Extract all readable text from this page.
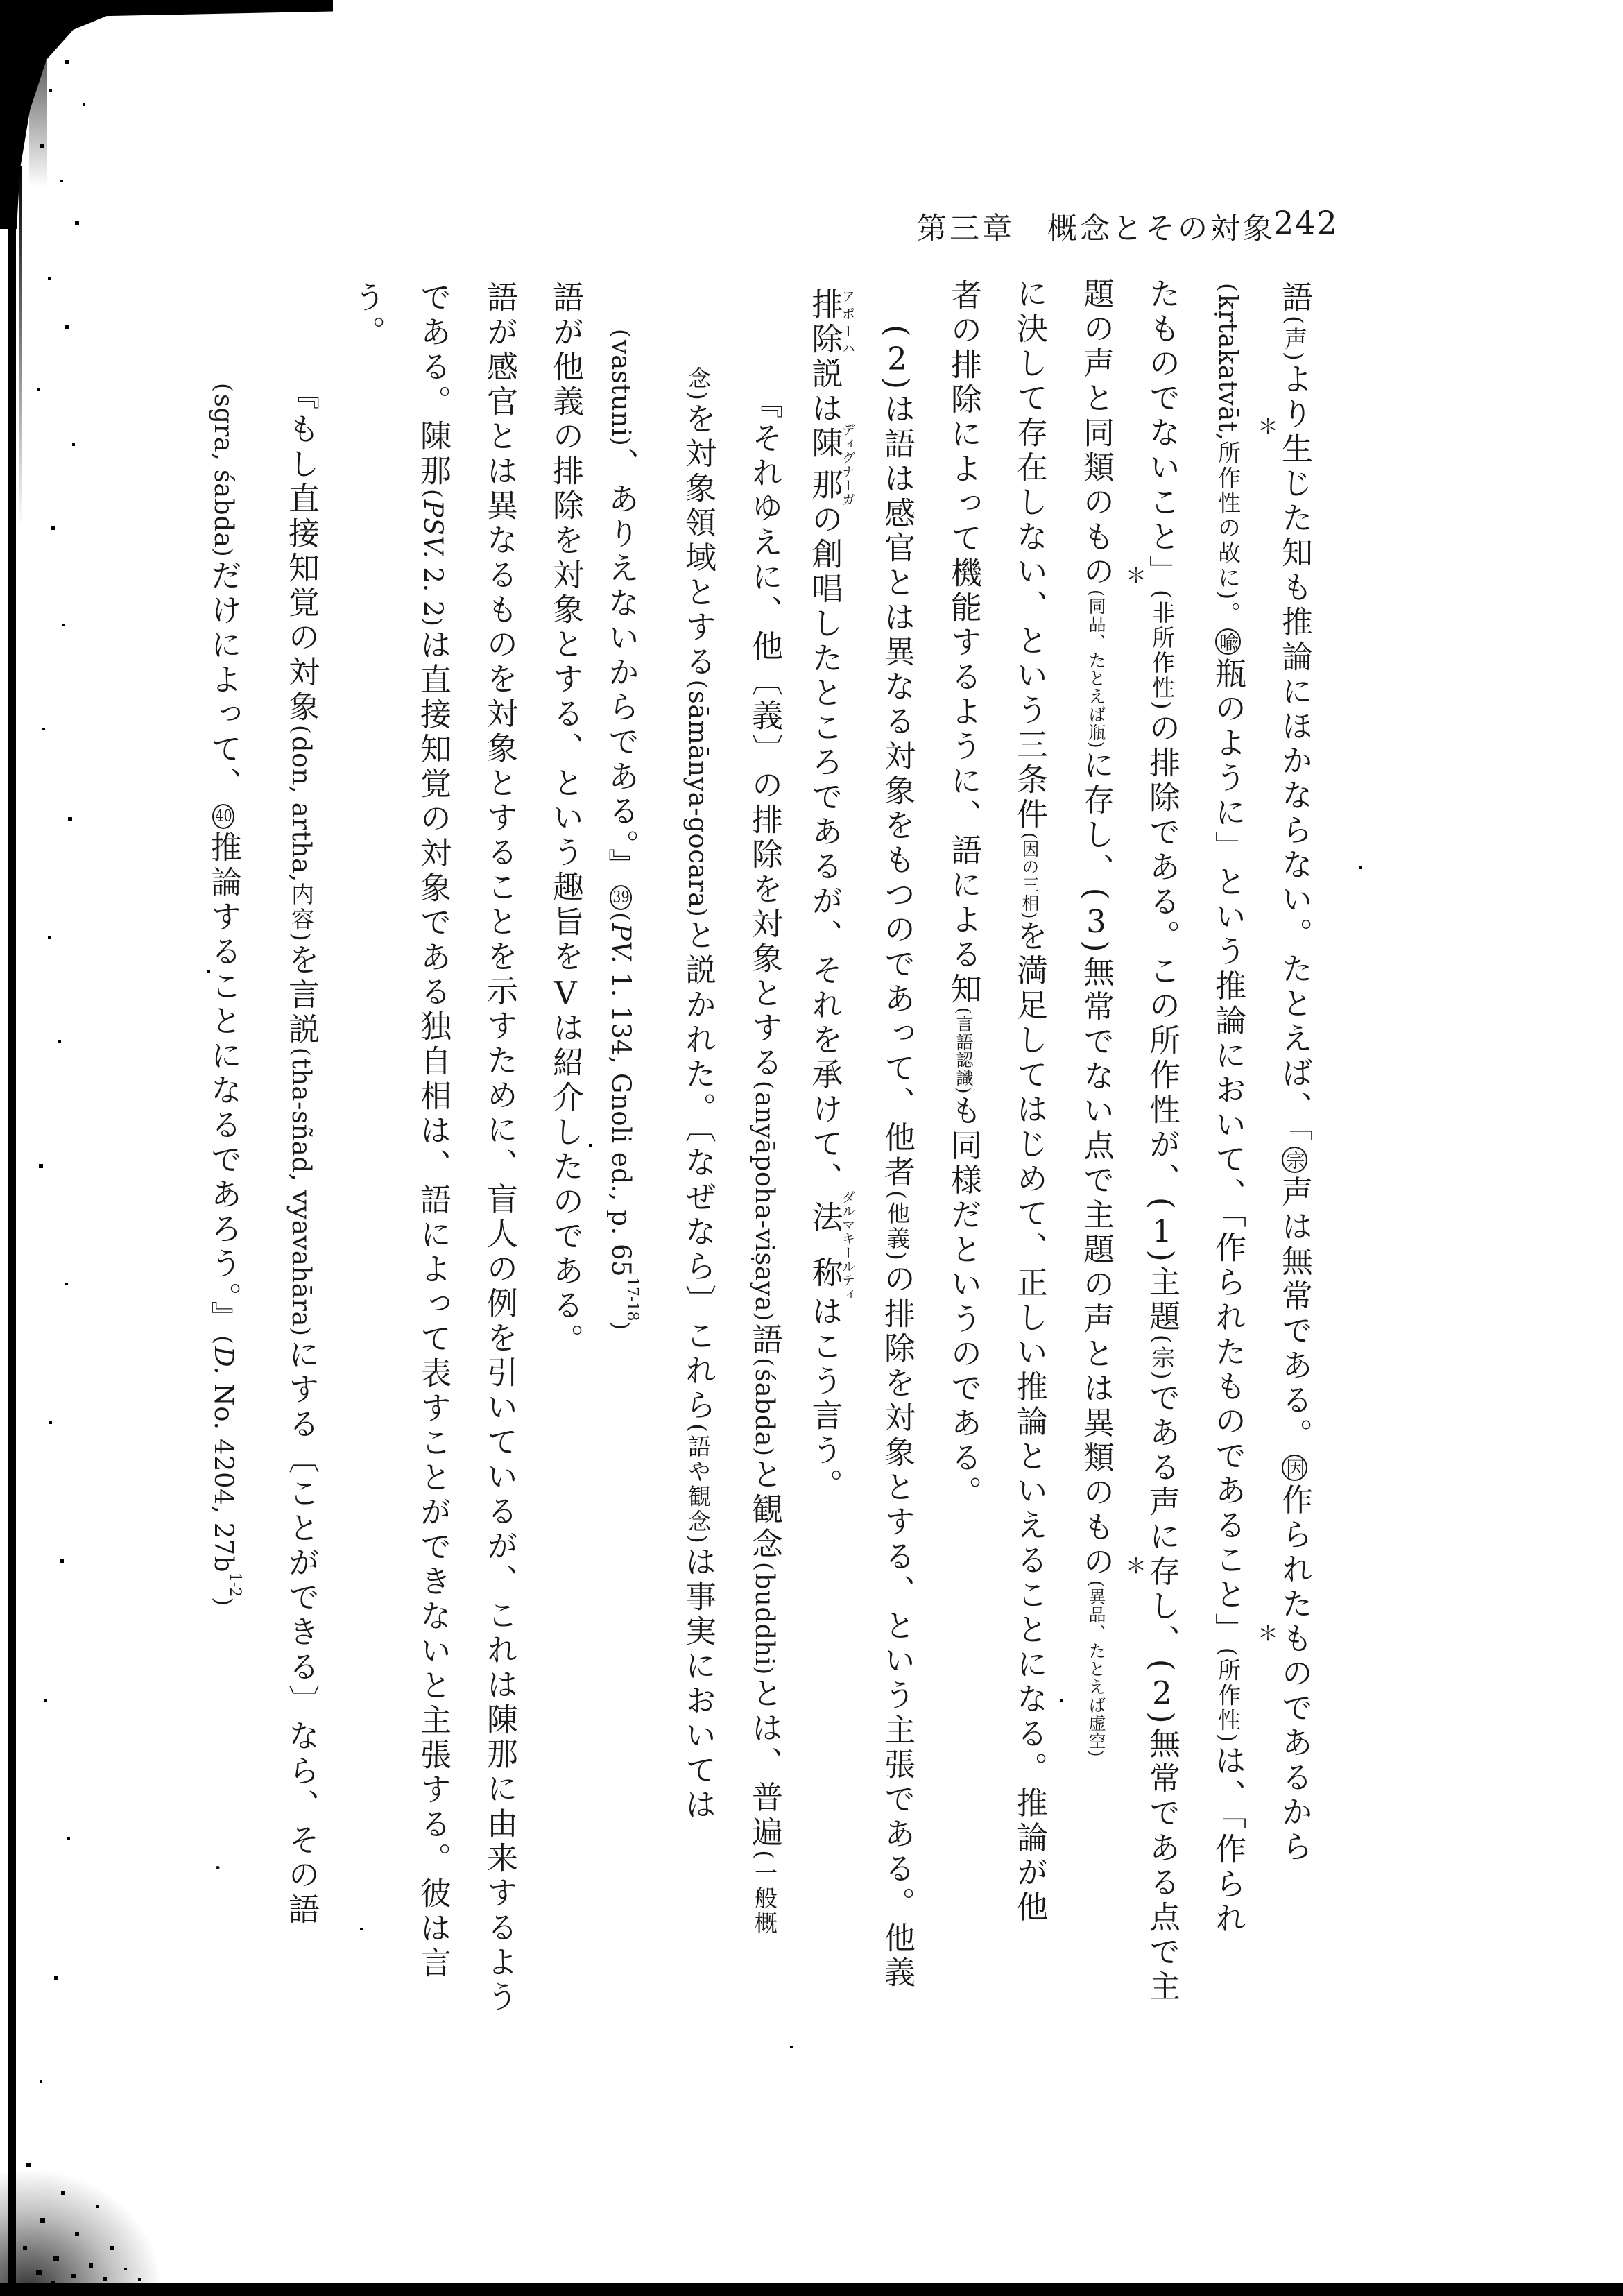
第三章　概念とその対象
242
語(声)より生じた知も推論にほかならない。たとえば、「宗声は無常である。因作られたものであるから
(kṛtakatvāt, ＊
所作性の故に)。喩瓶のように」という推論において、「作られたものであること」 ＊
(所作性)は、「作られ
たものでないこと」(非所作性)の排除である。この所作性が、(1)主題(宗)である声に存し、(2)無常である点で主
題の声と同類のもの ＊
(同品、たとえば瓶)に存し、(3)無常でない点で主題の声とは異類のもの ＊
(異品、たとえば虚空)
に決して存在しない、という三条件(因の三相)を満足してはじめて、正しい推論といえることになる。推論が他
者の排除によって機能するように、語による知(言語認識)も同様だというのである。
(2)は語は感官とは異なる対象をもつのであって、他者(他義)の排除を対象とする、という主張である。他義
排除アポーハ説は陳那ディグナーガの創唱したところであるが、それを承けて、法称ダルマキールティはこう言う。
『それゆえに、他〔義〕の排除を対象とする(anyāpoha-viṣaya)語(śabda)と観念(buddhi)とは、普遍(一般概
念)を対象領域とする(sāmānya-gocara)と説かれた。〔なぜなら〕これら(語や観念)は事実においては
(vastuni)、ありえないからである。』39(PV. 1. 134, Gnoli ed., p. 65$^{17-18}$)
語が他義の排除を対象とする、という趣旨をVは紹介したのである。
語が感官とは異なるものを対象とすることを示すために、盲人の例を引いているが、これは陳那に由来するよう
である。陳那(PSV. 2. 2)は直接知覚の対象である独自相は、語によって表すことができないと主張する。彼は言
う。
『もし直接知覚の対象(don, artha,内容)を言説(tha-sñad, vyavahāra)にする〔ことができる〕なら、その語
(sgra, śabda)だけによって、40推論することになるであろう。』(D. No. 4204, $27b^{1-2}$)
・
